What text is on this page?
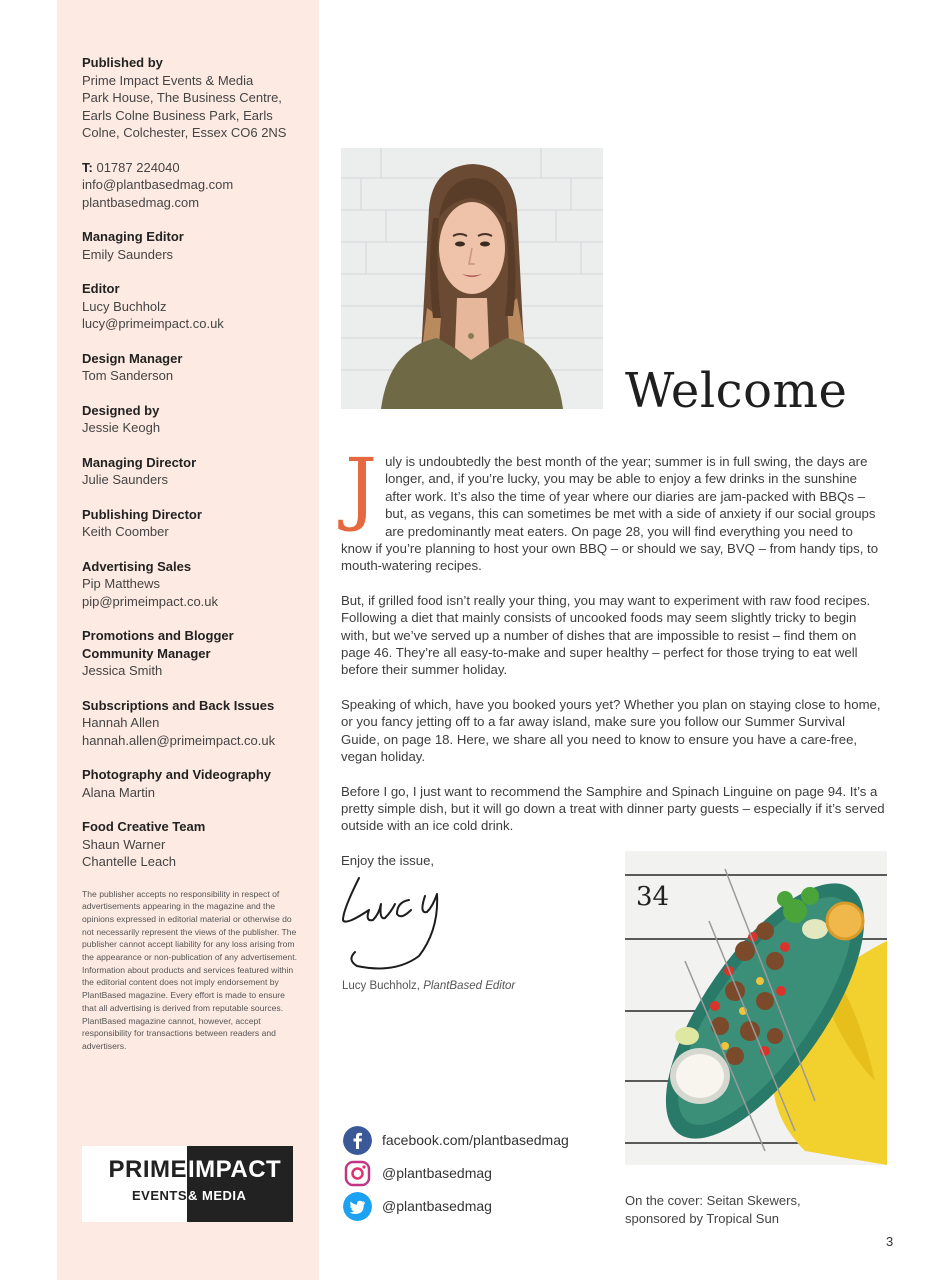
Published by
Prime Impact Events & Media
Park House, The Business Centre,
Earls Colne Business Park, Earls
Colne, Colchester, Essex CO6 2NS
T: 01787 224040
info@plantbasedmag.com
plantbasedmag.com
Managing Editor
Emily Saunders
Editor
Lucy Buchholz
lucy@primeimpact.co.uk
Design Manager
Tom Sanderson
Designed by
Jessie Keogh
Managing Director
Julie Saunders
Publishing Director
Keith Coomber
Advertising Sales
Pip Matthews
pip@primeimpact.co.uk
Promotions and Blogger Community Manager
Jessica Smith
Subscriptions and Back Issues
Hannah Allen
hannah.allen@primeimpact.co.uk
Photography and Videography
Alana Martin
Food Creative Team
Shaun Warner
Chantelle Leach
The publisher accepts no responsibility in respect of advertisements appearing in the magazine and the opinions expressed in editorial material or otherwise do not necessarily represent the views of the publisher. The publisher cannot accept liability for any loss arising from the appearance or non-publication of any advertisement. Information about products and services featured within the editorial content does not imply endorsement by PlantBased magazine. Every effort is made to ensure that all advertising is derived from reputable sources. PlantBased magazine cannot, however, accept responsibility for transactions between readers and advertisers.
PRIME IMPACT
EVENTS & MEDIA
Welcome

July is undoubtedly the best month of the year; summer is in full swing, the days are longer, and, if you’re lucky, you may be able to enjoy a few drinks in the sunshine after work. It’s also the time of year where our diaries are jam-packed with BBQs – but, as vegans, this can sometimes be met with a side of anxiety if our social groups are predominantly meat eaters. On page 28, you will find everything you need to know if you’re planning to host your own BBQ – or should we say, BVQ – from handy tips, to mouth-watering recipes.

But, if grilled food isn’t really your thing, you may want to experiment with raw food recipes. Following a diet that mainly consists of uncooked foods may seem slightly tricky to begin with, but we’ve served up a number of dishes that are impossible to resist – find them on page 46. They’re all easy-to-make and super healthy – perfect for those trying to eat well before their summer holiday.

Speaking of which, have you booked yours yet? Whether you plan on staying close to home, or you fancy jetting off to a far away island, make sure you follow our Summer Survival Guide, on page 18. Here, we share all you need to know to ensure you have a care-free, vegan holiday.

Before I go, I just want to recommend the Samphire and Spinach Linguine on page 94. It’s a pretty simple dish, but it will go down a treat with dinner party guests – especially if it’s served outside with an ice cold drink.

Enjoy the issue,

Lucy Buchholz, PlantBased Editor
34
On the cover: Seitan Skewers,
sponsored by Tropical Sun
facebook.com/plantbasedmag
@plantbasedmag
@plantbasedmag
3
